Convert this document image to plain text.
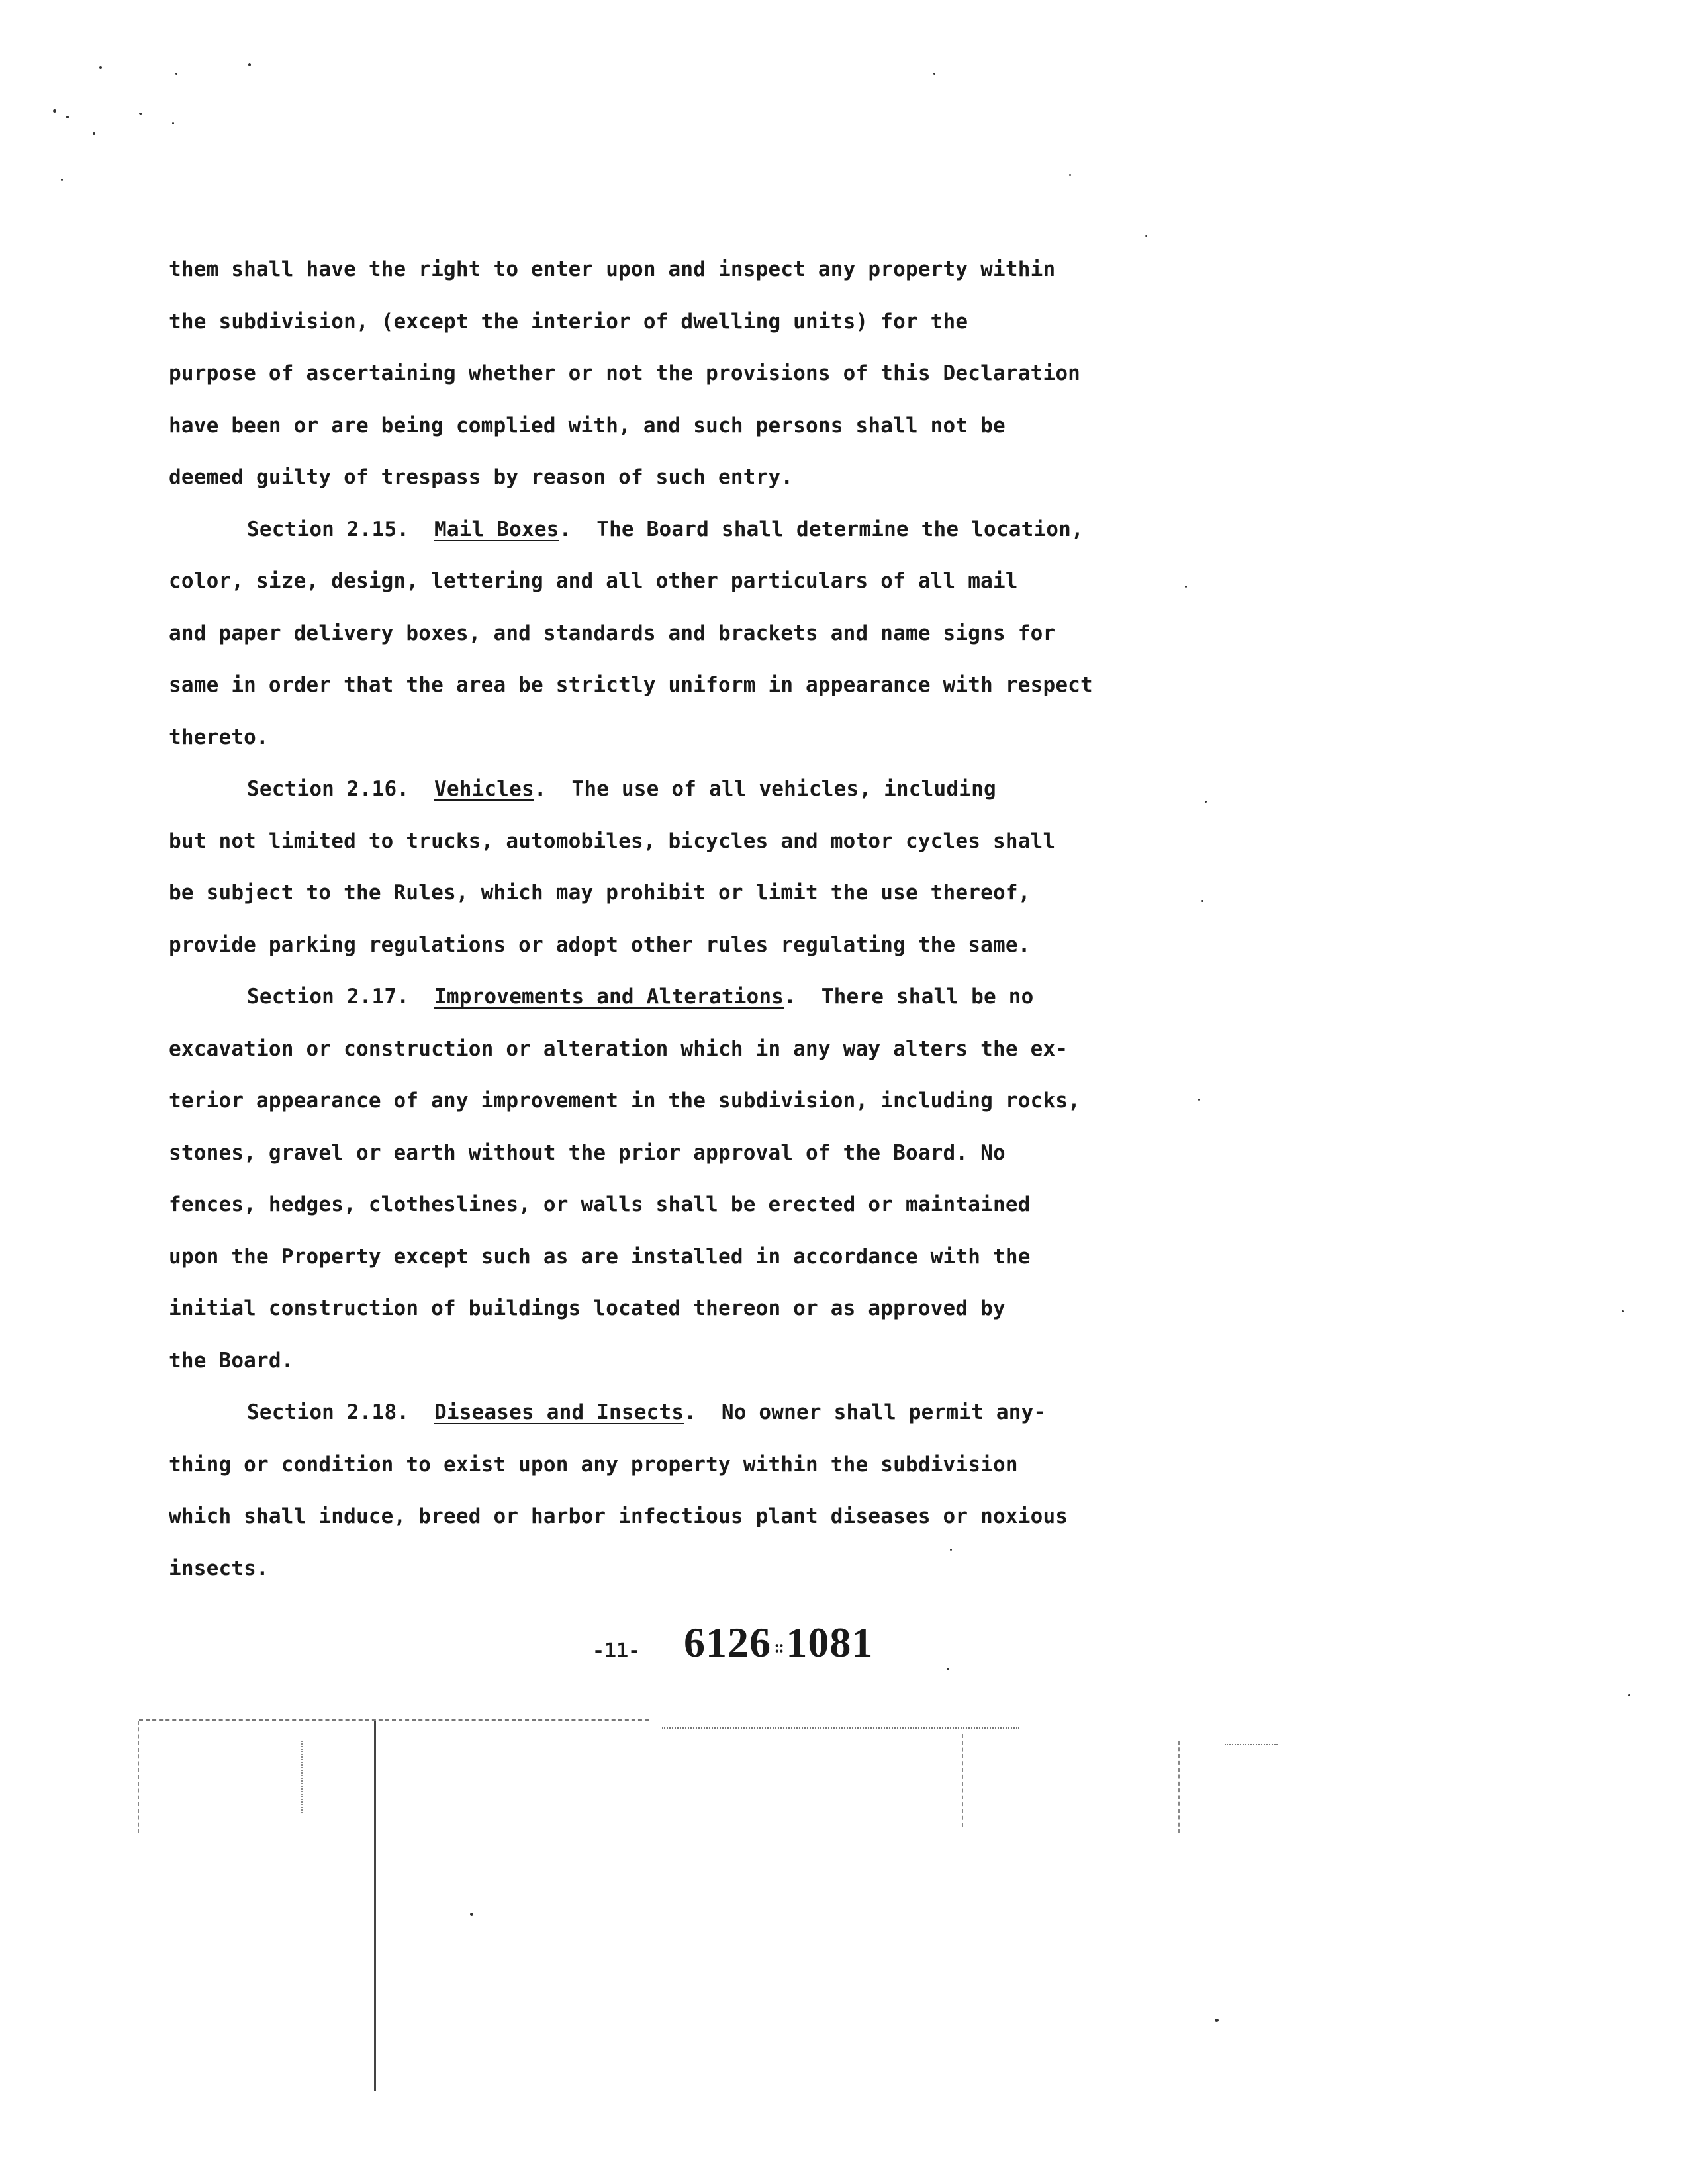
them shall have the right to enter upon and inspect any property within
the subdivision, (except the interior of dwelling units) for the
purpose of ascertaining whether or not the provisions of this Declaration
have been or are being complied with, and such persons shall not be
deemed guilty of trespass by reason of such entry.
Section 2.15. Mail Boxes.  The Board shall determine the location,
color, size, design, lettering and all other particulars of all mail
and paper delivery boxes, and standards and brackets and name signs for
same in order that the area be strictly uniform in appearance with respect
thereto.
Section 2.16. Vehicles.  The use of all vehicles, including
but not limited to trucks, automobiles, bicycles and motor cycles shall
be subject to the Rules, which may prohibit or limit the use thereof,
provide parking regulations or adopt other rules regulating the same.
Section 2.17. Improvements and Alterations.  There shall be no
excavation or construction or alteration which in any way alters the ex-
terior appearance of any improvement in the subdivision, including rocks,
stones, gravel or earth without the prior approval of the Board. No
fences, hedges, clotheslines, or walls shall be erected or maintained
upon the Property except such as are installed in accordance with the
initial construction of buildings located thereon or as approved by
the Board.
Section 2.18. Diseases and Insects.  No owner shall permit any-
thing or condition to exist upon any property within the subdivision
which shall induce, breed or harbor infectious plant diseases or noxious
insects.
-11- 6126 :: 1081
